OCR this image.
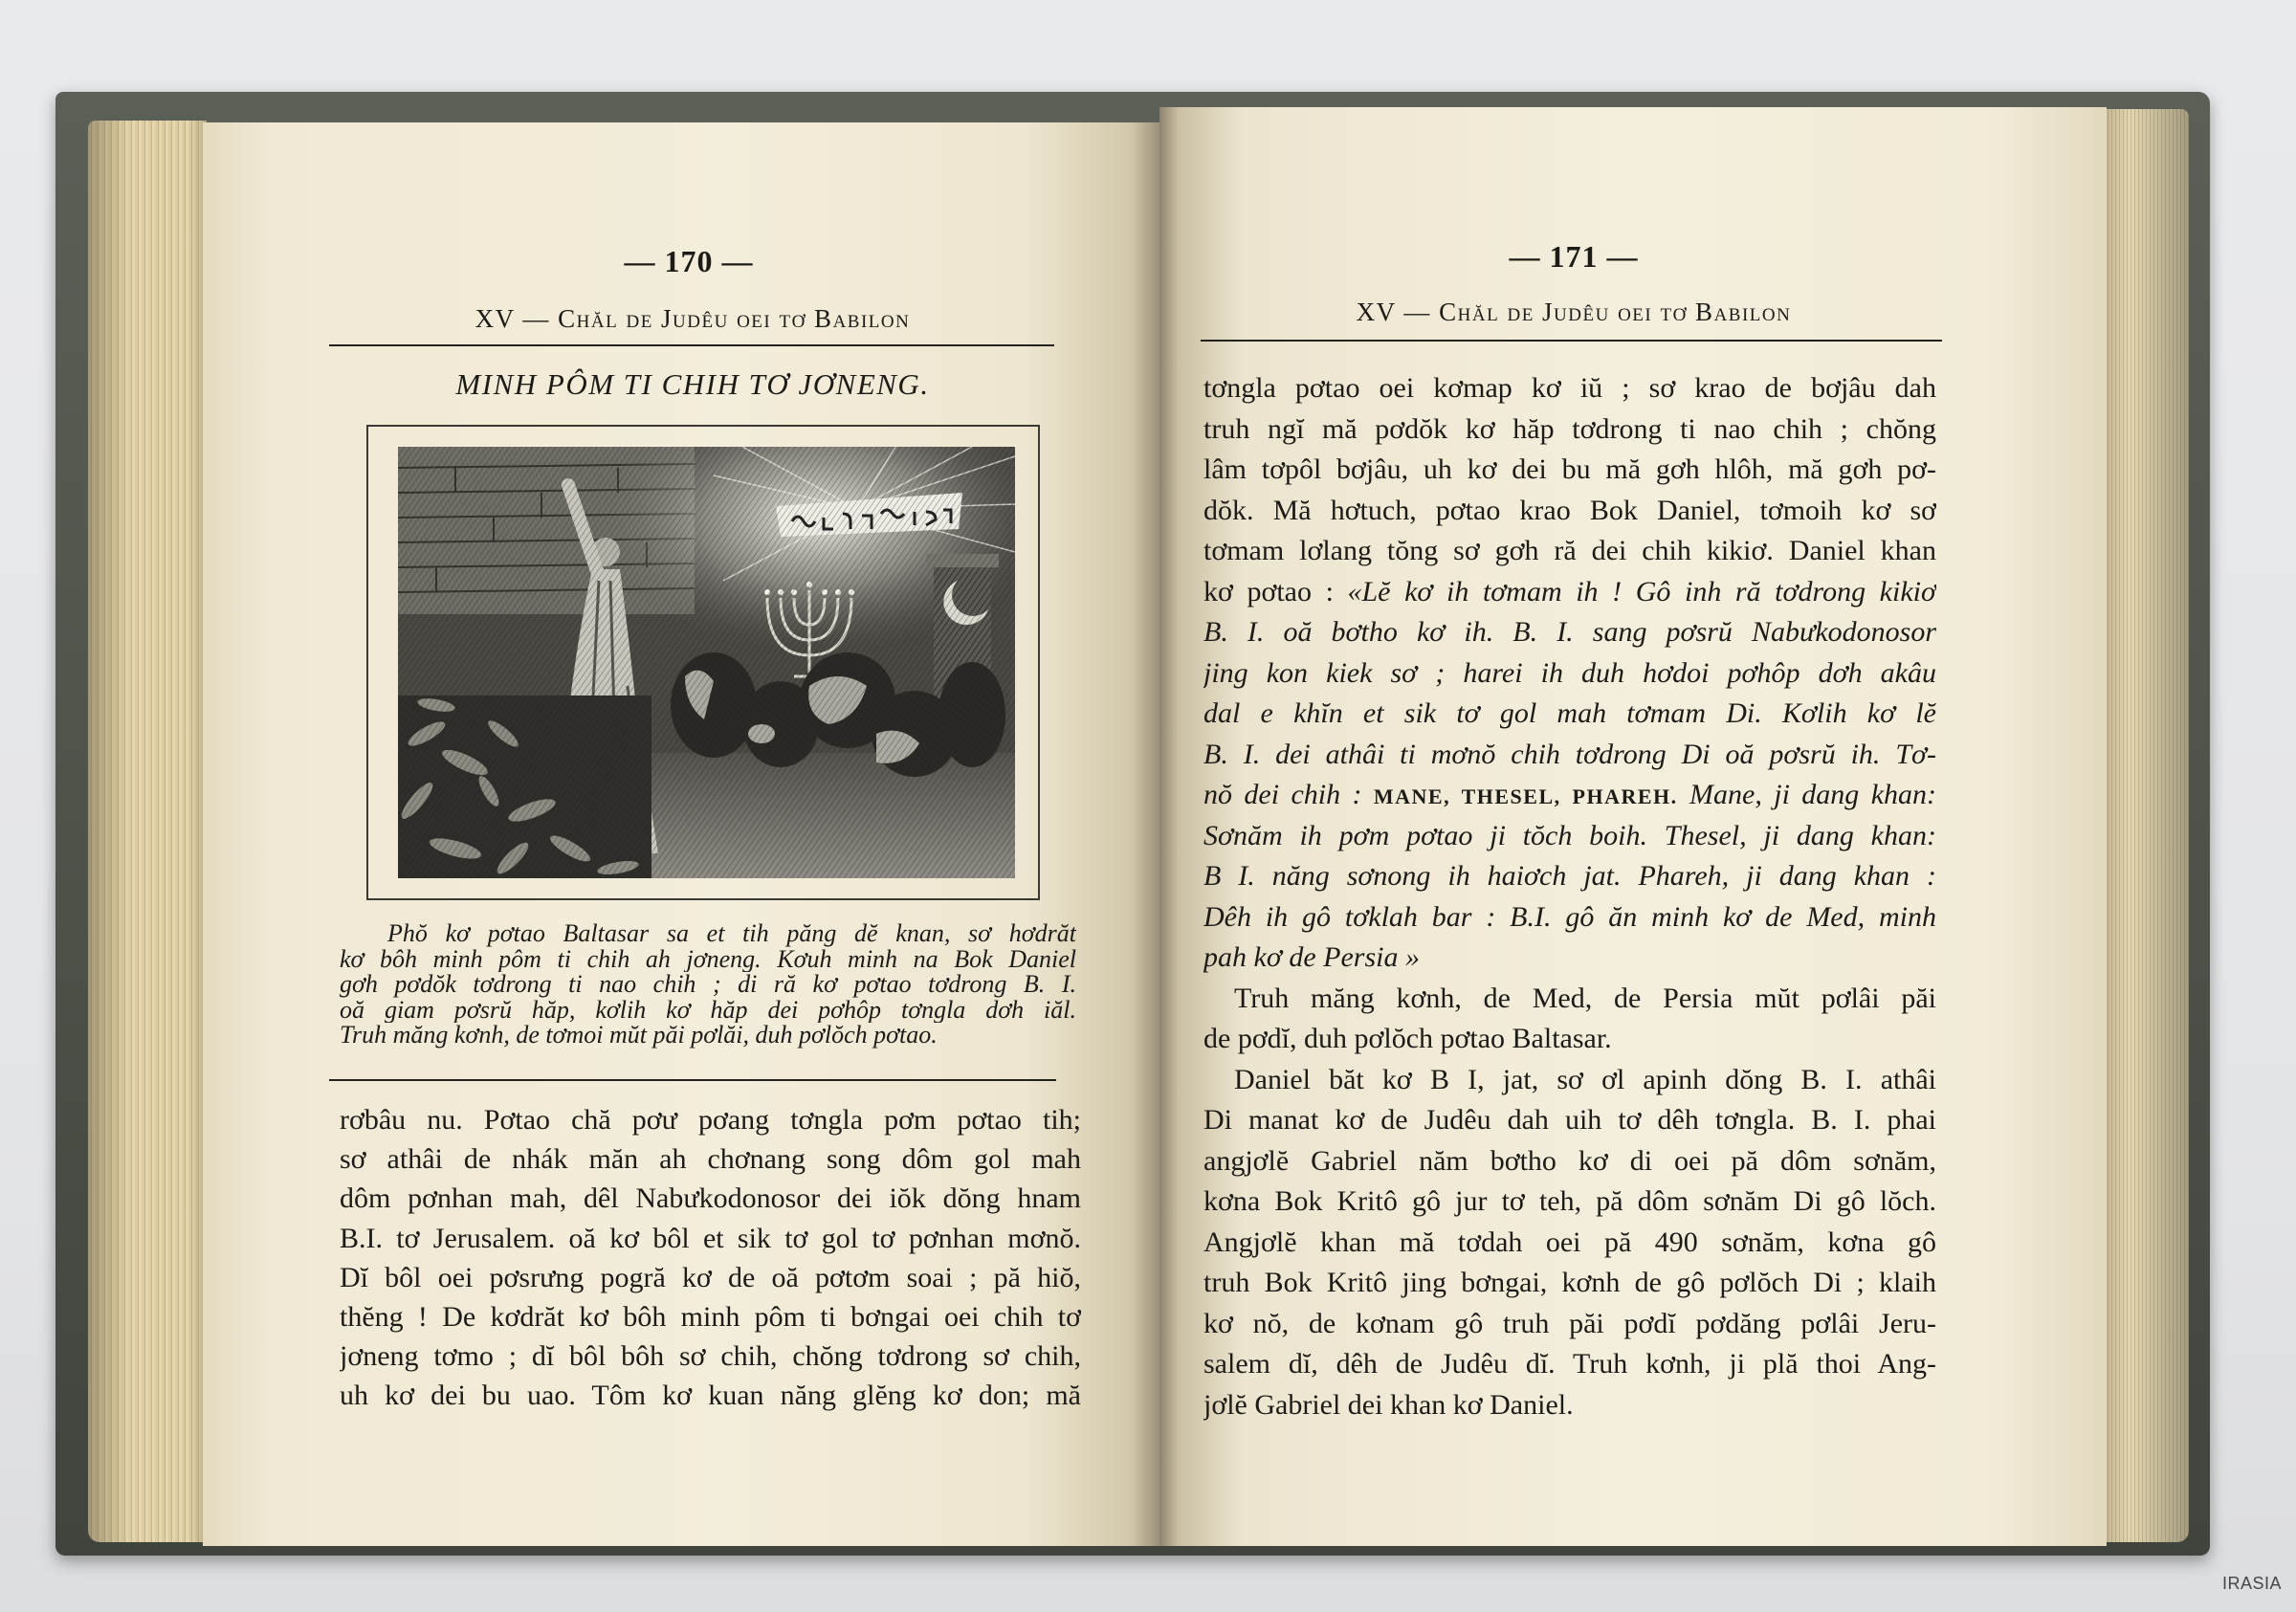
— 170 —
XV — Chăl de Judêu oei tơ Babilon
MINH PÔM TI CHIH TƠ JƠNENG.
Phŏ kơ pơtao Baltasar sa et tih păng dĕ knan, sơ hơdrăt
kơ bôh minh pôm ti chih ah jơneng. Kơuh minh na Bok Daniel
gơh pơdŏk tơdrong ti nao chih ; di ră kơ pơtao tơdrong B. I.
oă giam pơsrŭ hăp, kơlih kơ hăp dei pơhôp tơngla dơh iăl.
Truh măng kơnh, de tơmoi mŭt păi pơlăi, duh pơlŏch pơtao.
rơbâu nu. Pơtao chă pơư pơang tơngla pơm pơtao tih;
sơ athâi de nhák măn ah chơnang song dôm gol mah
dôm pơnhan mah, dêl Nabưkodonosor dei iŏk dŏng hnam
B.I. tơ Jerusalem. oă kơ bôl et sik tơ gol tơ pơnhan mơnŏ.
Dĭ bôl oei pơsrưng pogră kơ de oă pơtơm soai ; pă hiŏ,
thĕng ! De kơdrăt kơ bôh minh pôm ti bơngai oei chih tơ
jơneng tơmo ; dĭ bôl bôh sơ chih, chŏng tơdrong sơ chih,
uh kơ dei bu uao. Tôm kơ kuan năng glĕng kơ don; mă
— 171 —
XV — Chăl de Judêu oei tơ Babilon
tơngla pơtao oei kơmap kơ iŭ ; sơ krao de bơjâu dah
truh ngĭ mă pơdŏk kơ hăp tơdrong ti nao chih ; chŏng
lâm tơpôl bơjâu, uh kơ dei bu mă gơh hlôh, mă gơh pơ-
dŏk. Mă hơtuch, pơtao krao Bok Daniel, tơmoih kơ sơ
tơmam lơlang tŏng sơ gơh ră dei chih kikiơ. Daniel khan
kơ pơtao : «Lĕ kơ ih tơmam ih ! Gô inh ră tơdrong kikiơ
B. I. oă bơtho kơ ih. B. I. sang pơsrŭ Nabưkodonosor
jing kon kiek sơ ; harei ih duh hơdoi pơhôp dơh akâu
dal e khĭn et sik tơ gol mah tơmam Di. Kơlih kơ lĕ
B. I. dei athâi ti mơnŏ chih tơdrong Di oă pơsrŭ ih. Tơ-
nŏ dei chih : MANE, THESEL, PHAREH. Mane, ji dang khan:
Sơnăm ih pơm pơtao ji tŏch boih. Thesel, ji dang khan:
B I. năng sơnong ih haiơch jat. Phareh, ji dang khan :
Dêh ih gô tơklah bar : B.I. gô ăn minh kơ de Med, minh
pah kơ de Persia »
Truh măng kơnh, de Med, de Persia mŭt pơlâi păi
de pơdĭ, duh pơlŏch pơtao Baltasar.
Daniel băt kơ B I, jat, sơ ơl apinh dŏng B. I. athâi
Di manat kơ de Judêu dah uih tơ dêh tơngla. B. I. phai
angjơlĕ Gabriel năm bơtho kơ di oei pă dôm sơnăm,
kơna Bok Kritô gô jur tơ teh, pă dôm sơnăm Di gô lŏch.
Angjơlĕ khan mă tơdah oei pă 490 sơnăm, kơna gô
truh Bok Kritô jing bơngai, kơnh de gô pơlŏch Di ; klaih
kơ nŏ, de kơnam gô truh păi pơdĭ pơdăng pơlâi Jeru-
salem dĭ, dêh de Judêu dĭ. Truh kơnh, ji plă thoi Ang-
jơlĕ Gabriel dei khan kơ Daniel.
IRASIA
